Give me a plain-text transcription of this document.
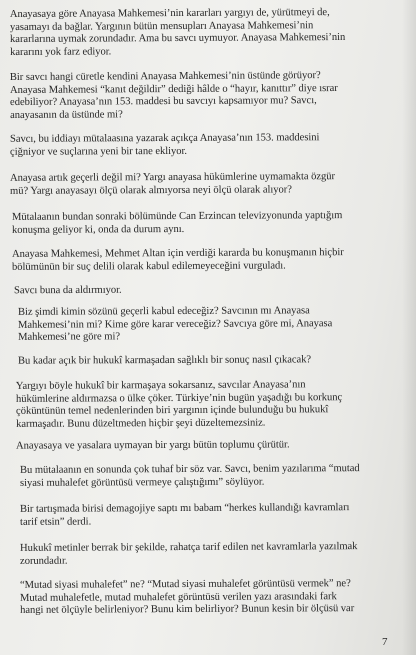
Anayasaya göre Anayasa Mahkemesi’nin kararları yargıyı de, yürütmeyi de,
yasamayı da bağlar. Yargının bütün mensupları Anayasa Mahkemesi’nin
kararlarına uymak zorundadır. Ama bu savcı uymuyor. Anayasa Mahkemesi’nin
kararını yok farz ediyor.

Bir savcı hangi cüretle kendini Anayasa Mahkemesi’nin üstünde görüyor?
Anayasa Mahkemesi “kanıt değildir” dediği hâlde o “hayır, kanıttır” diye ısrar
edebiliyor? Anayasa’nın 153. maddesi bu savcıyı kapsamıyor mu? Savcı,
anayasanın da üstünde mi?

Savcı, bu iddiayı mütalaasına yazarak açıkça Anayasa’nın 153. maddesini
çiğniyor ve suçlarına yeni bir tane ekliyor.

Anayasa artık geçerli değil mi? Yargı anayasa hükümlerine uymamakta özgür
mü? Yargı anayasayı ölçü olarak almıyorsa neyi ölçü olarak alıyor?

Mütalaanın bundan sonraki bölümünde Can Erzincan televizyonunda yaptığım
konuşma geliyor ki, onda da durum aynı.

Anayasa Mahkemesi, Mehmet Altan için verdiği kararda bu konuşmanın hiçbir
bölümünün bir suç delili olarak kabul edilemeyeceğini vurguladı.

Savcı buna da aldırmıyor.

Biz şimdi kimin sözünü geçerli kabul edeceğiz? Savcının mı Anayasa
Mahkemesi’nin mi? Kime göre karar vereceğiz? Savcıya göre mi, Anayasa
Mahkemesi’ne göre mi?

Bu kadar açık bir hukukî karmaşadan sağlıklı bir sonuç nasıl çıkacak?

Yargıyı böyle hukukî bir karmaşaya sokarsanız, savcılar Anayasa’nın
hükümlerine aldırmazsa o ülke çöker. Türkiye’nin bugün yaşadığı bu korkunç
çöküntünün temel nedenlerinden biri yargının içinde bulunduğu bu hukukî
karmaşadır. Bunu düzeltmeden hiçbir şeyi düzeltemezsiniz.

Anayasaya ve yasalara uymayan bir yargı bütün toplumu çürütür.

Bu mütalaanın en sonunda çok tuhaf bir söz var. Savcı, benim yazılarıma “mutad
siyasi muhalefet görüntüsü vermeye çalıştığımı” söylüyor.

Bir tartışmada birisi demagojiye saptı mı babam “herkes kullandığı kavramları
tarif etsin” derdi.

Hukukî metinler berrak bir şekilde, rahatça tarif edilen net kavramlarla yazılmak
zorundadır.

“Mutad siyasi muhalefet” ne? “Mutad siyasi muhalefet görüntüsü vermek” ne?
Mutad muhalefetle, mutad muhalefet görüntüsü verilen yazı arasındaki fark
hangi net ölçüyle belirleniyor? Bunu kim belirliyor? Bunun kesin bir ölçüsü var

7
